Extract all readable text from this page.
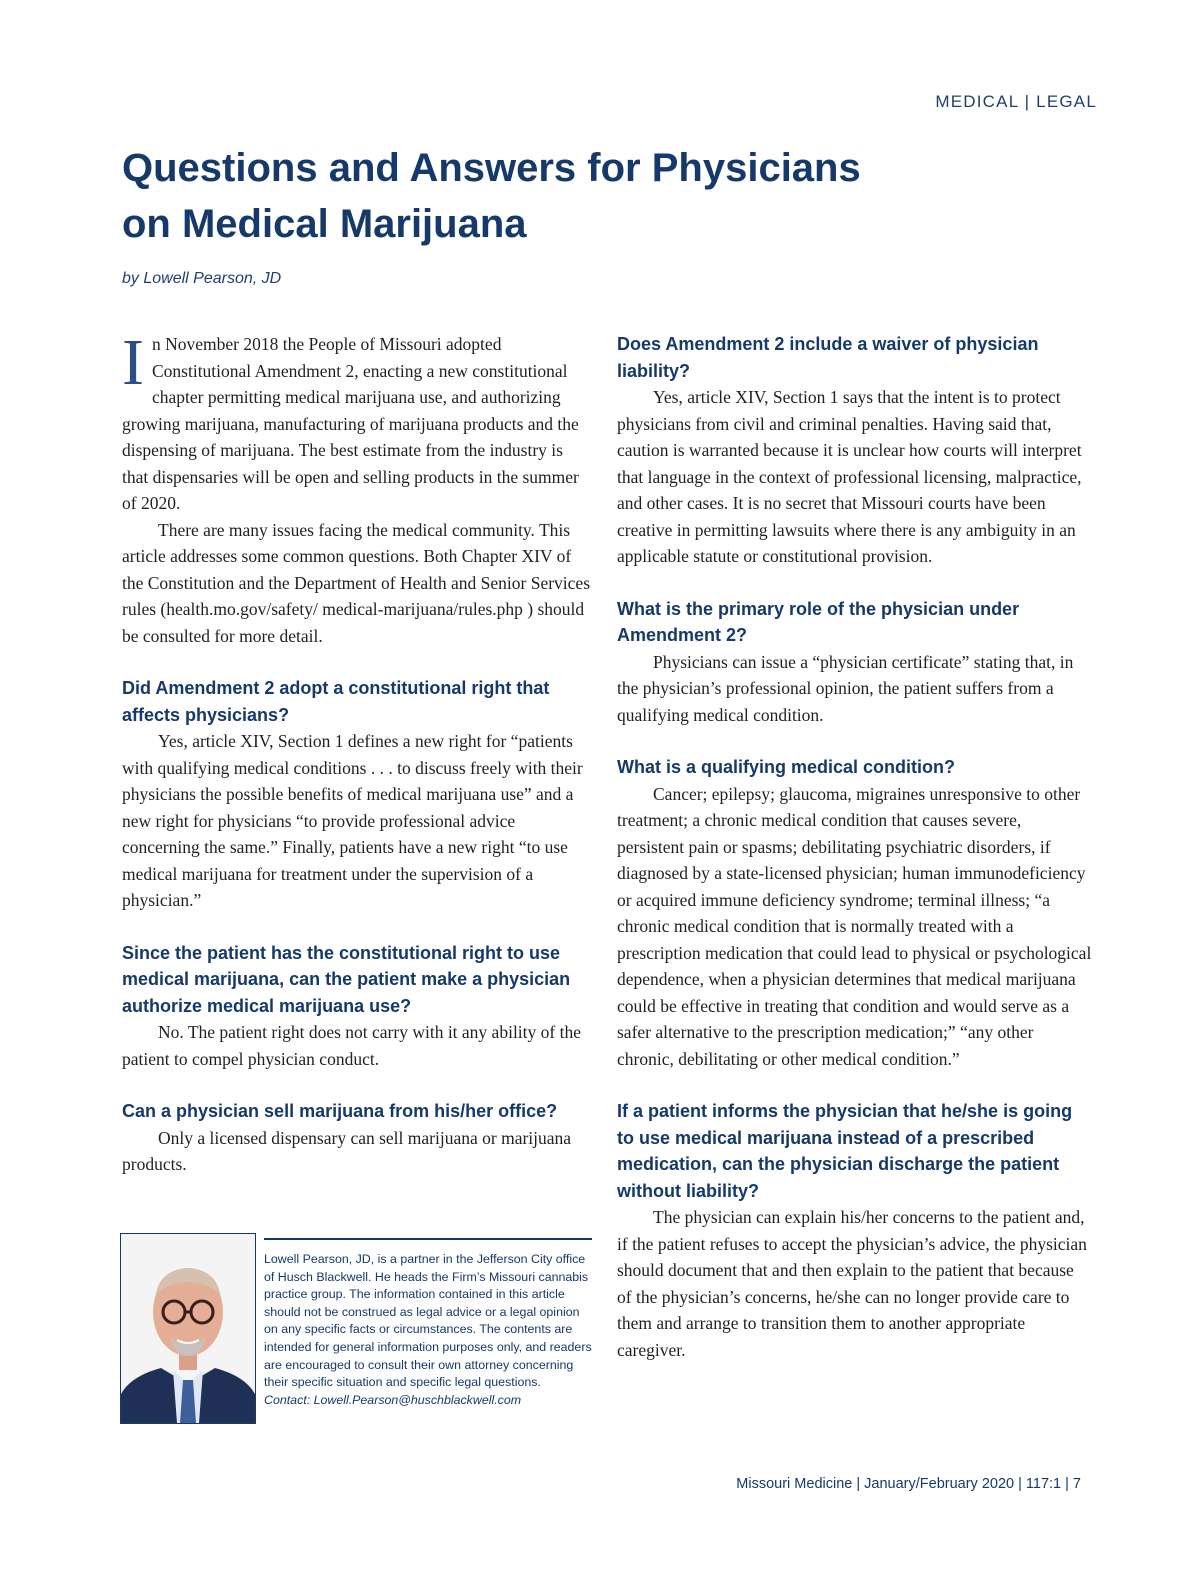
MEDICAL | LEGAL

Questions and Answers for Physicians
on Medical Marijuana

by Lowell Pearson, JD

In November 2018 the People of Missouri adopted Constitutional Amendment 2, enacting a new constitutional chapter permitting medical marijuana use, and authorizing growing marijuana, manufacturing of marijuana products and the dispensing of marijuana. The best estimate from the industry is that dispensaries will be open and selling products in the summer of 2020.

There are many issues facing the medical community. This article addresses some common questions. Both Chapter XIV of the Constitution and the Department of Health and Senior Services rules (health.mo.gov/safety/ medical-marijuana/rules.php ) should be consulted for more detail.

Did Amendment 2 adopt a constitutional right that affects physicians?

Yes, article XIV, Section 1 defines a new right for “patients with qualifying medical conditions . . . to discuss freely with their physicians the possible benefits of medical marijuana use” and a new right for physicians “to provide professional advice concerning the same.” Finally, patients have a new right “to use medical marijuana for treatment under the supervision of a physician.”

Since the patient has the constitutional right to use medical marijuana, can the patient make a physician authorize medical marijuana use?

No. The patient right does not carry with it any ability of the patient to compel physician conduct.

Can a physician sell marijuana from his/her office?

Only a licensed dispensary can sell marijuana or marijuana products.

Does Amendment 2 include a waiver of physician liability?

Yes, article XIV, Section 1 says that the intent is to protect physicians from civil and criminal penalties. Having said that, caution is warranted because it is unclear how courts will interpret that language in the context of professional licensing, malpractice, and other cases. It is no secret that Missouri courts have been creative in permitting lawsuits where there is any ambiguity in an applicable statute or constitutional provision.

What is the primary role of the physician under Amendment 2?

Physicians can issue a “physician certificate” stating that, in the physician’s professional opinion, the patient suffers from a qualifying medical condition.

What is a qualifying medical condition?

Cancer; epilepsy; glaucoma, migraines unresponsive to other treatment; a chronic medical condition that causes severe, persistent pain or spasms; debilitating psychiatric disorders, if diagnosed by a state-licensed physician; human immunodeficiency or acquired immune deficiency syndrome; terminal illness; “a chronic medical condition that is normally treated with a prescription medication that could lead to physical or psychological dependence, when a physician determines that medical marijuana could be effective in treating that condition and would serve as a safer alternative to the prescription medication;” “any other chronic, debilitating or other medical condition.”

If a patient informs the physician that he/she is going to use medical marijuana instead of a prescribed medication, can the physician discharge the patient without liability?

The physician can explain his/her concerns to the patient and, if the patient refuses to accept the physician’s advice, the physician should document that and then explain to the patient that because of the physician’s concerns, he/she can no longer provide care to them and arrange to transition them to another appropriate caregiver.

Lowell Pearson, JD, is a partner in the Jefferson City office of Husch Blackwell. He heads the Firm’s Missouri cannabis practice group. The information contained in this article should not be construed as legal advice or a legal opinion on any specific facts or circumstances. The contents are intended for general information purposes only, and readers are encouraged to consult their own attorney concerning their specific situation and specific legal questions.
Contact: Lowell.Pearson@huschblackwell.com

Missouri Medicine | January/February 2020 | 117:1 | 7
